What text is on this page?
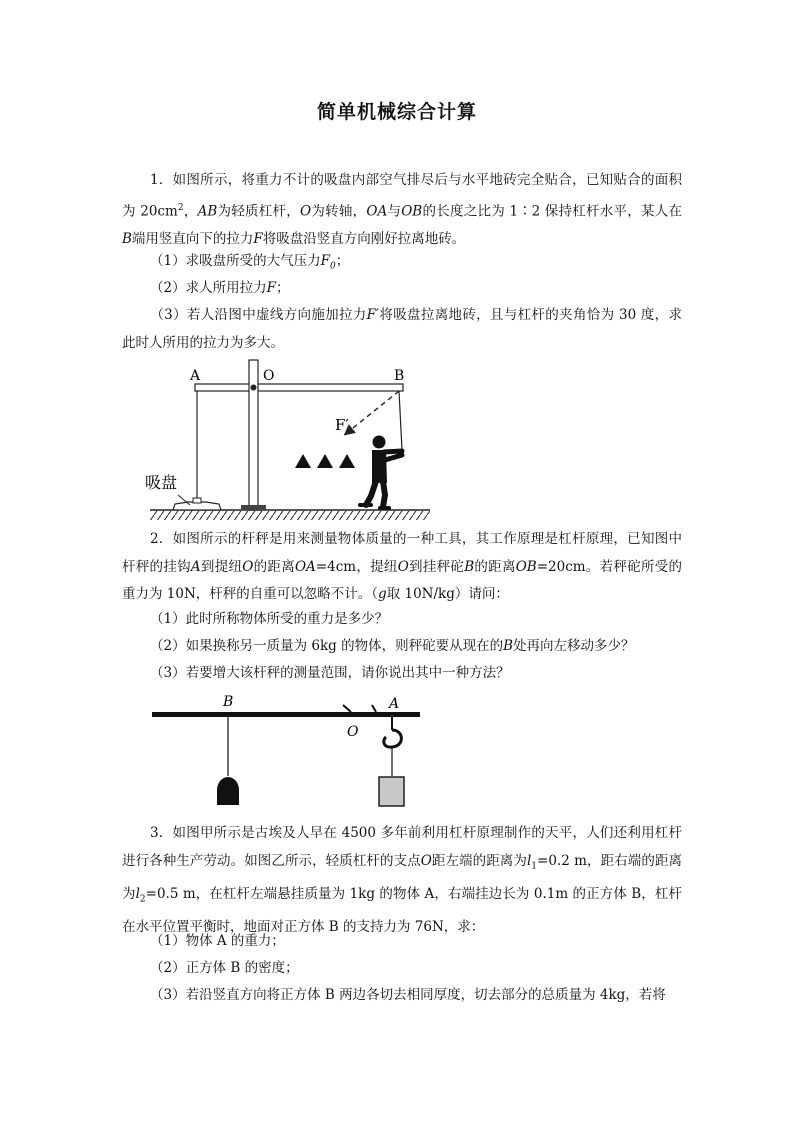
简单机械综合计算

1．如图所示，将重力不计的吸盘内部空气排尽后与水平地砖完全贴合，已知贴合的面积为 $20cm^2$，AB为轻质杠杆，O为转轴，OA与OB的长度之比为 1∶2 保持杠杆水平，某人在B端用竖直向下的拉力F将吸盘沿竖直方向刚好拉离地砖。

（1）求吸盘所受的大气压力$F_0$；

（2）求人所用拉力F；

（3）若人沿图中虚线方向施加拉力F′将吸盘拉离地砖，且与杠杆的夹角恰为 30 度，求此时人所用的拉力为多大。

吸盘
A	O	B
F′

2．如图所示的杆秤是用来测量物体质量的一种工具，其工作原理是杠杆原理，已知图中杆秤的挂钩A到提纽O的距离OA=4cm，提纽O到挂秤砣B的距离OB=20cm。若秤砣所受的重力为 10N，杆秤的自重可以忽略不计。（g取 10N/kg）请问：

（1）此时所称物体所受的重力是多少？

（2）如果换称另一质量为 6kg 的物体，则秤砣要从现在的B处再向左移动多少？

（3）若要增大该杆秤的测量范围，请你说出其中一种方法？

B	A
O

3．如图甲所示是古埃及人早在 4500 多年前利用杠杆原理制作的天平，人们还利用杠杆进行各种生产劳动。如图乙所示，轻质杠杆的支点O距左端的距离为$l_1=0.2$ m，距右端的距离为$l_2=0.5$ m，在杠杆左端悬挂质量为 1kg 的物体 A，右端挂边长为 0.1m 的正方体 B，杠杆在水平位置平衡时，地面对正方体 B 的支持力为 76N，求：

（1）物体 A 的重力；

（2）正方体 B 的密度；

（3）若沿竖直方向将正方体 B 两边各切去相同厚度，切去部分的总质量为 4kg，若将
